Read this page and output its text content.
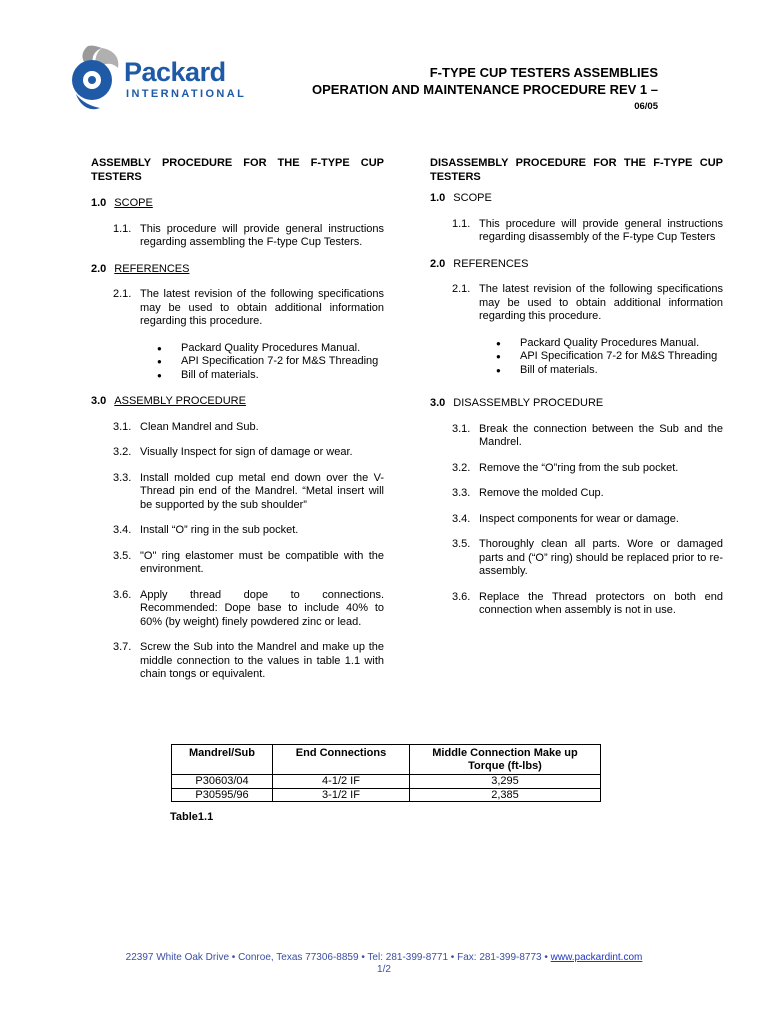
Packard
INTERNATIONAL
F-TYPE CUP TESTERS ASSEMBLIES
OPERATION AND MAINTENANCE PROCEDURE REV 1 –
06/05

ASSEMBLY PROCEDURE FOR THE F-TYPE CUP TESTERS

1.0 SCOPE
1.1. This procedure will provide general instructions regarding assembling the F-type Cup Testers.
2.0 REFERENCES
2.1. The latest revision of the following specifications may be used to obtain additional information regarding this procedure.
● Packard Quality Procedures Manual.
● API Specification 7-2 for M&S Threading
● Bill of materials.
3.0 ASSEMBLY PROCEDURE
3.1. Clean Mandrel and Sub.
3.2. Visually Inspect for sign of damage or wear.
3.3. Install molded cup metal end down over the V-Thread pin end of the Mandrel. “Metal insert will be supported by the sub shoulder”
3.4. Install “O” ring in the sub pocket.
3.5. "O" ring elastomer must be compatible with the environment.
3.6. Apply thread dope to connections. Recommended: Dope base to include 40% to 60% (by weight) finely powdered zinc or lead.
3.7. Screw the Sub into the Mandrel and make up the middle connection to the values in table 1.1 with chain tongs or equivalent.

DISASSEMBLY PROCEDURE FOR THE F-TYPE CUP TESTERS

1.0 SCOPE
1.1. This procedure will provide general instructions regarding disassembly of the F-type Cup Testers
2.0 REFERENCES
2.1. The latest revision of the following specifications may be used to obtain additional information regarding this procedure.
● Packard Quality Procedures Manual.
● API Specification 7-2 for M&S Threading
● Bill of materials.
3.0 DISASSEMBLY PROCEDURE
3.1. Break the connection between the Sub and the Mandrel.
3.2. Remove the “O”ring from the sub pocket.
3.3. Remove the molded Cup.
3.4. Inspect components for wear or damage.
3.5. Thoroughly clean all parts. Wore or damaged parts and (“O” ring) should be replaced prior to re-assembly.
3.6. Replace the Thread protectors on both end connection when assembly is not in use.
Mandrel/Sub	End Connections	Middle Connection Make up Torque (ft-lbs)
P30603/04	4-1/2 IF	3,295
P30595/96	3-1/2 IF	2,385
Table1.1
22397 White Oak Drive • Conroe, Texas 77306-8859 • Tel: 281-399-8771 • Fax: 281-399-8773 • www.packardint.com
1/2
